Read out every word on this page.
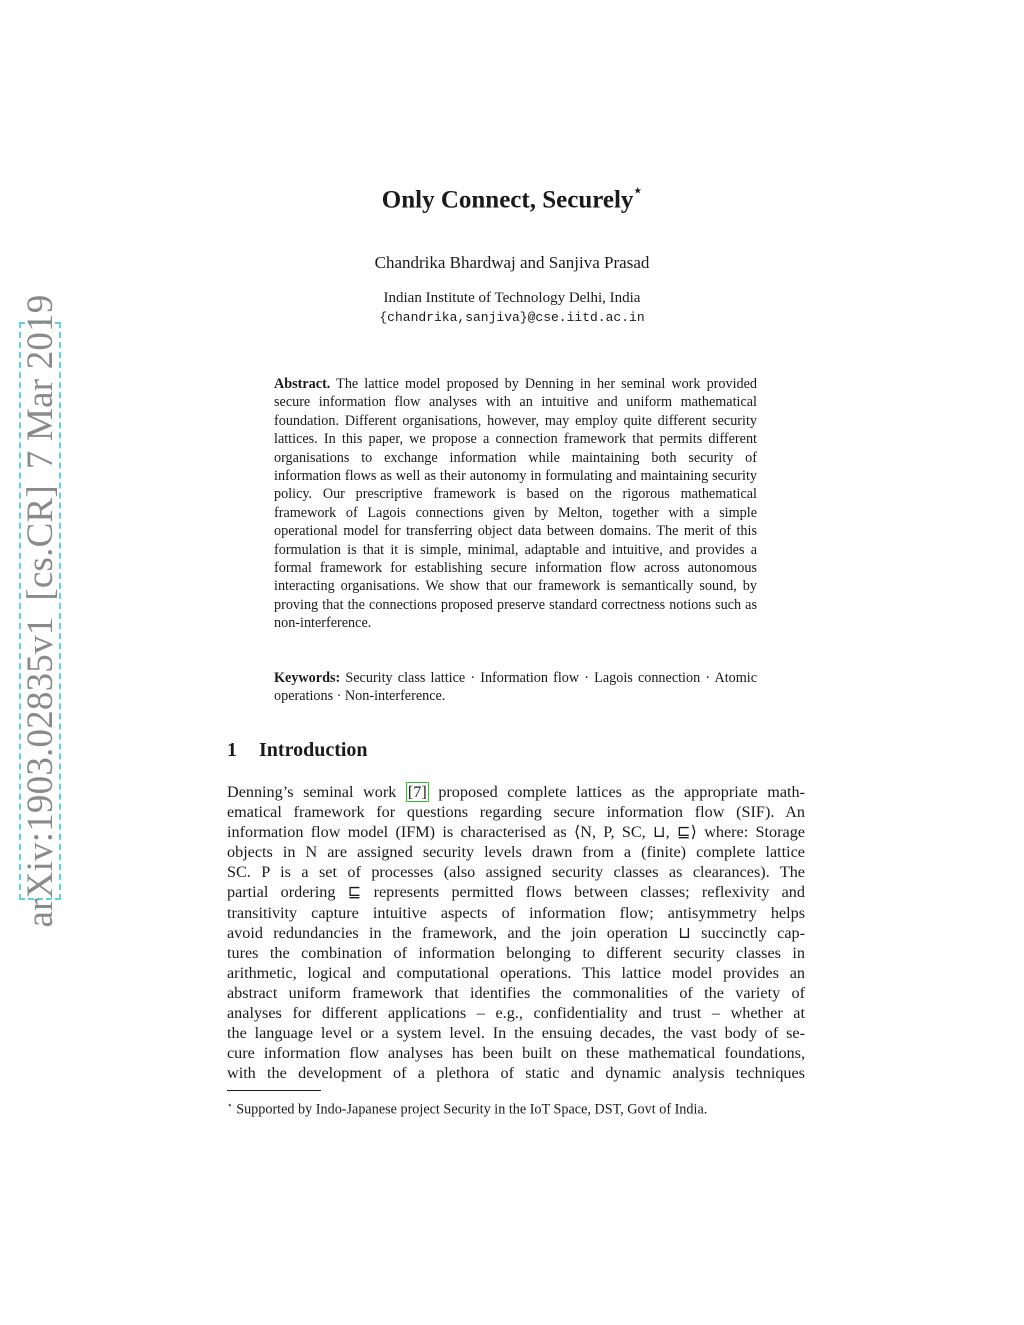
arXiv:1903.02835v1
[cs.CR]
7 Mar 2019
Only Connect, Securely⋆
Chandrika Bhardwaj and Sanjiva Prasad
Indian Institute of Technology Delhi, India
{chandrika,sanjiva}@cse.iitd.ac.in
Abstract. The lattice model proposed by Denning in her seminal work provided secure information flow analyses with an intuitive and uniform mathematical foundation. Different organisations, however, may employ quite different security lattices. In this paper, we propose a connection framework that permits different organisations to exchange information while maintaining both security of information flows as well as their autonomy in formulating and maintaining security policy. Our prescriptive framework is based on the rigorous mathematical framework of Lagois connections given by Melton, together with a simple operational model for transferring object data between domains. The merit of this formulation is that it is simple, minimal, adaptable and intuitive, and provides a formal framework for establishing secure information flow across autonomous interacting organisations. We show that our framework is semantically sound, by proving that the connections proposed preserve standard correctness notions such as non-interference.
Keywords: Security class lattice · Information flow · Lagois connection · Atomic operations · Non-interference.
1 Introduction
Denning’s seminal work [7] proposed complete lattices as the appropriate math-
ematical framework for questions regarding secure information flow (SIF). An
information flow model (IFM) is characterised as ⟨N, P, SC, ⊔, ⊑⟩ where: Storage
objects in N are assigned security levels drawn from a (finite) complete lattice
SC. P is a set of processes (also assigned security classes as clearances). The
partial ordering ⊑ represents permitted flows between classes; reflexivity and
transitivity capture intuitive aspects of information flow; antisymmetry helps
avoid redundancies in the framework, and the join operation ⊔ succinctly cap-
tures the combination of information belonging to different security classes in
arithmetic, logical and computational operations. This lattice model provides an
abstract uniform framework that identifies the commonalities of the variety of
analyses for different applications – e.g., confidentiality and trust – whether at
the language level or a system level. In the ensuing decades, the vast body of se-
cure information flow analyses has been built on these mathematical foundations,
with the development of a plethora of static and dynamic analysis techniques
⋆ Supported by Indo-Japanese project Security in the IoT Space, DST, Govt of India.
